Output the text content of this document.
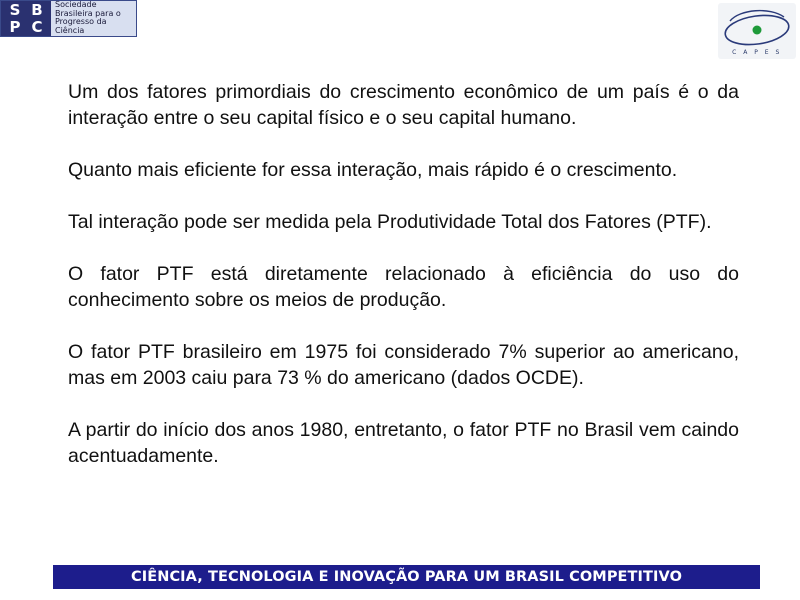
S B
P C
Sociedade
Brasileira para o
Progresso da
Ciência
C A P E S

Um dos fatores primordiais do crescimento econômico de um país é o da interação entre o seu capital físico e o seu capital humano.

Quanto mais eficiente for essa interação, mais rápido é o crescimento.

Tal interação pode ser medida pela Produtividade Total dos Fatores (PTF).

O fator PTF está diretamente relacionado à eficiência do uso do conhecimento sobre os meios de produção.

O fator PTF brasileiro em 1975 foi considerado 7% superior ao americano, mas em 2003 caiu para 73 % do americano (dados OCDE).

A partir do início dos anos 1980, entretanto, o fator PTF no Brasil vem caindo acentuadamente.

CIÊNCIA, TECNOLOGIA E INOVAÇÃO PARA UM BRASIL COMPETITIVO
